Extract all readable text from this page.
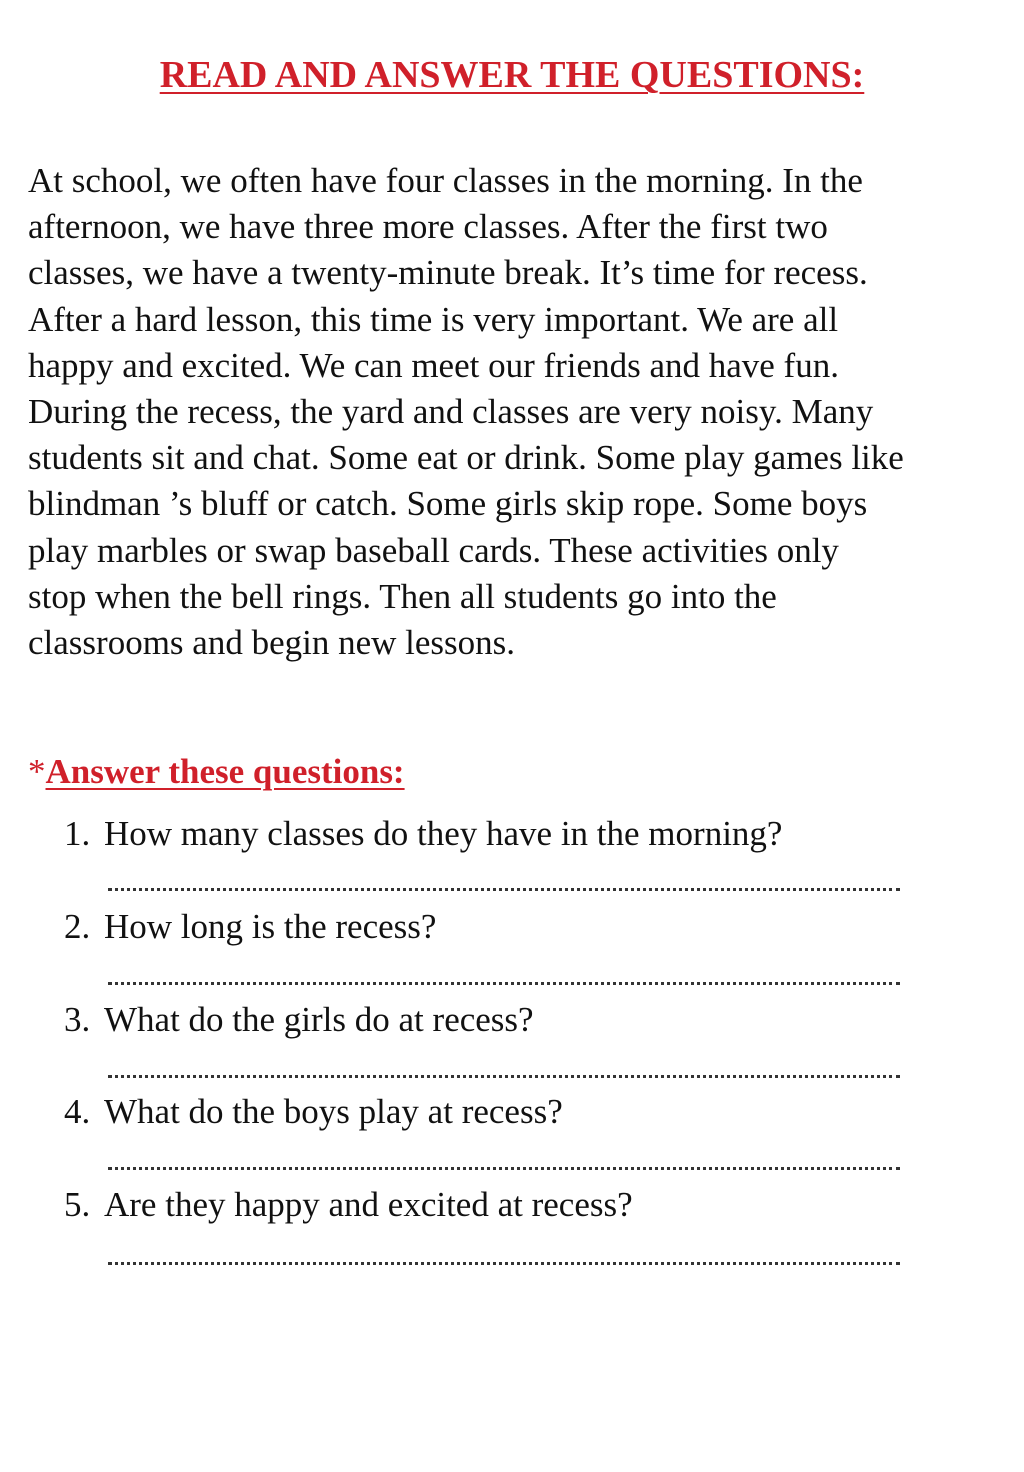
READ AND ANSWER THE QUESTIONS:
At school, we often have four classes in the morning. In the
afternoon, we have three more classes. After the first two
classes, we have a twenty-minute break. It’s time for recess.
After a hard lesson, this time is very important. We are all
happy and excited. We can meet our friends and have fun.
During the recess, the yard and classes are very noisy. Many
students sit and chat. Some eat or drink. Some play games like
blindman ’s bluff or catch. Some girls skip rope. Some boys
play marbles or swap baseball cards. These activities only
stop when the bell rings. Then all students go into the
classrooms and begin new lessons.
*Answer these questions:
1. How many classes do they have in the morning?
2. How long is the recess?
3. What do the girls do at recess?
4. What do the boys play at recess?
5. Are they happy and excited at recess?
